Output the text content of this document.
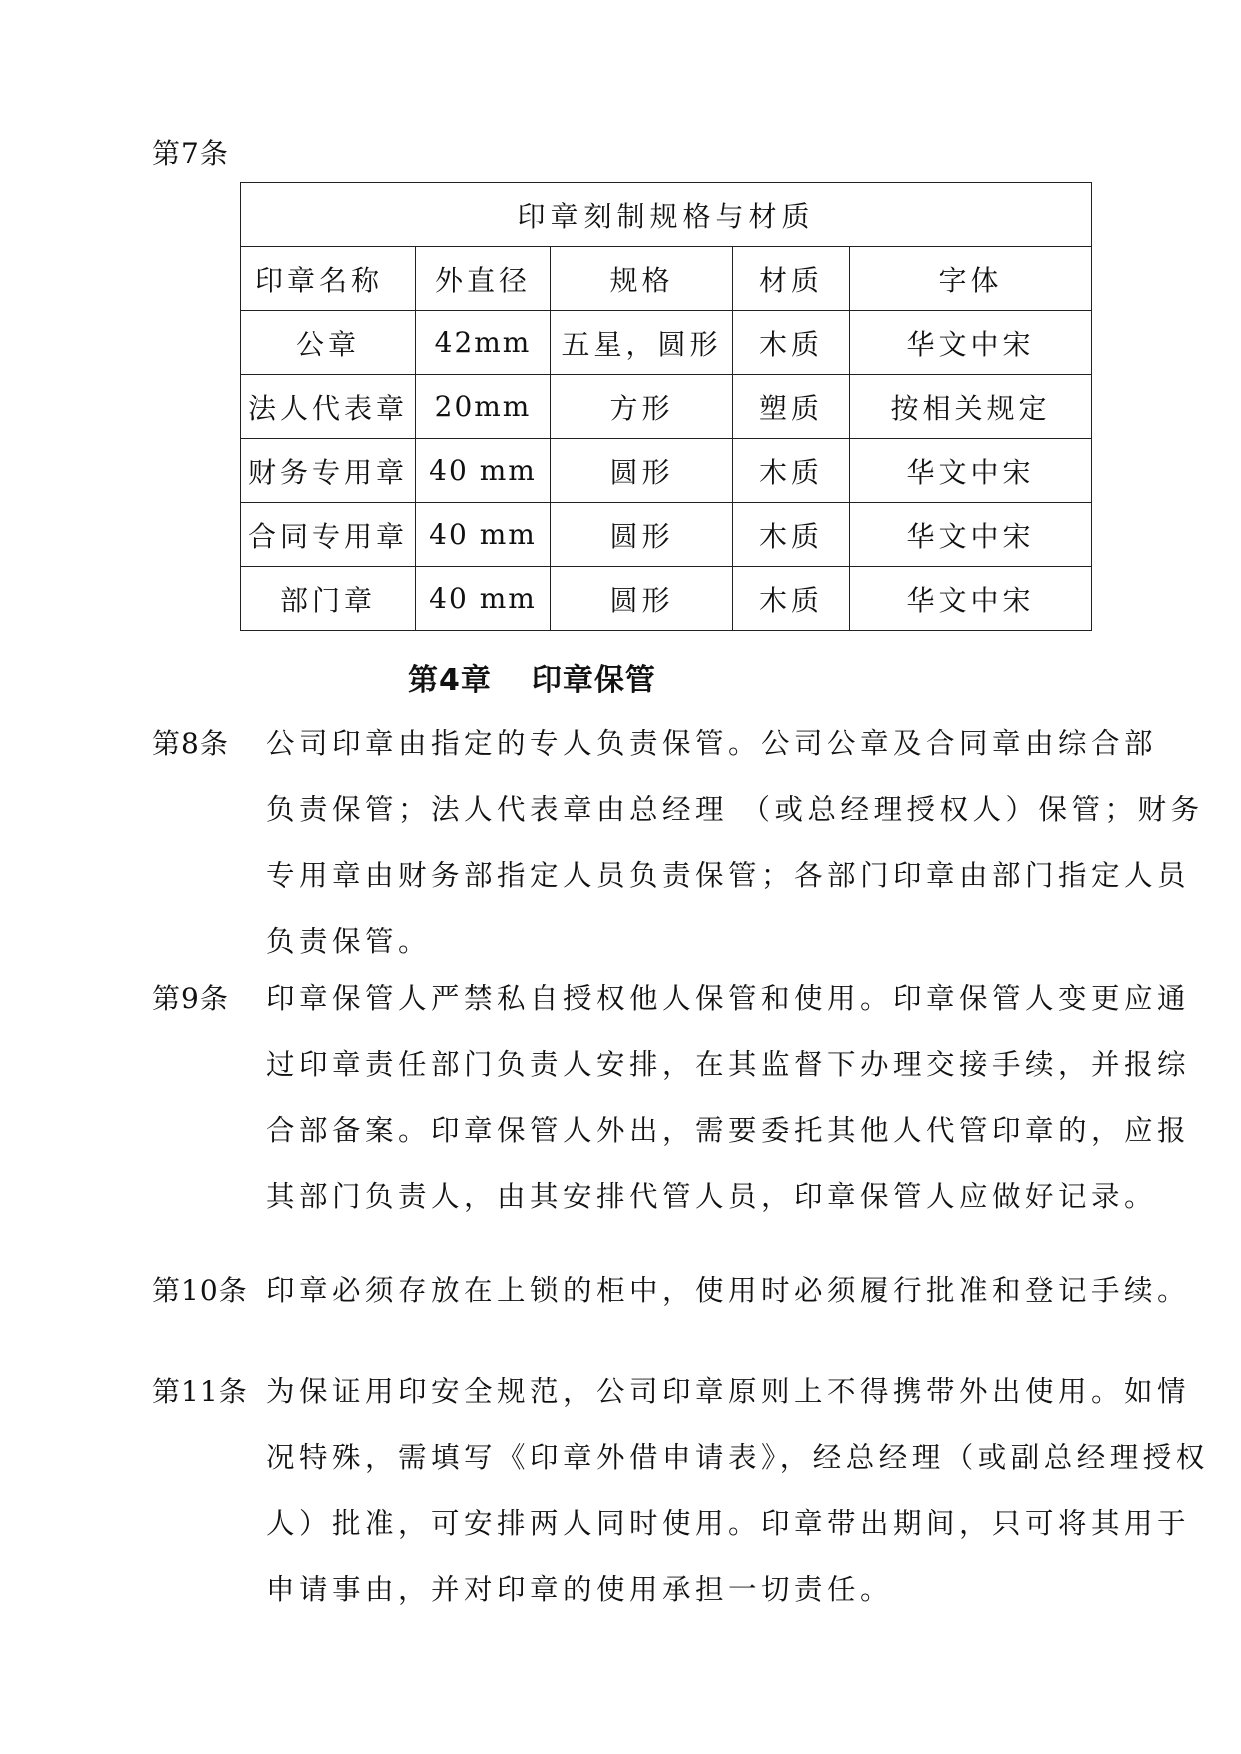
第7条
印章刻制规格与材质				
印章名称	外直径	规格	材质	字体
公章	42mm	五星，圆形	木质	华文中宋
法人代表章	20mm	方形	塑质	按相关规定
财务专用章	40 mm	圆形	木质	华文中宋
合同专用章	40 mm	圆形	木质	华文中宋
部门章	40 mm	圆形	木质	华文中宋
第4章 印章保管
第8条 公司印章由指定的专人负责保管。公司公章及合同章由综合部
负责保管；法人代表章由总经理 （或总经理授权人）保管；财务
专用章由财务部指定人员负责保管；各部门印章由部门指定人员
负责保管。
第9条 印章保管人严禁私自授权他人保管和使用。印章保管人变更应通
过印章责任部门负责人安排，在其监督下办理交接手续，并报综
合部备案。印章保管人外出，需要委托其他人代管印章的，应报
其部门负责人，由其安排代管人员，印章保管人应做好记录。
第10条 印章必须存放在上锁的柜中，使用时必须履行批准和登记手续。
第11条 为保证用印安全规范，公司印章原则上不得携带外出使用。如情
况特殊，需填写《印章外借申请表》，经总经理（或副总经理授权
人）批准，可安排两人同时使用。印章带出期间，只可将其用于
申请事由，并对印章的使用承担一切责任。
